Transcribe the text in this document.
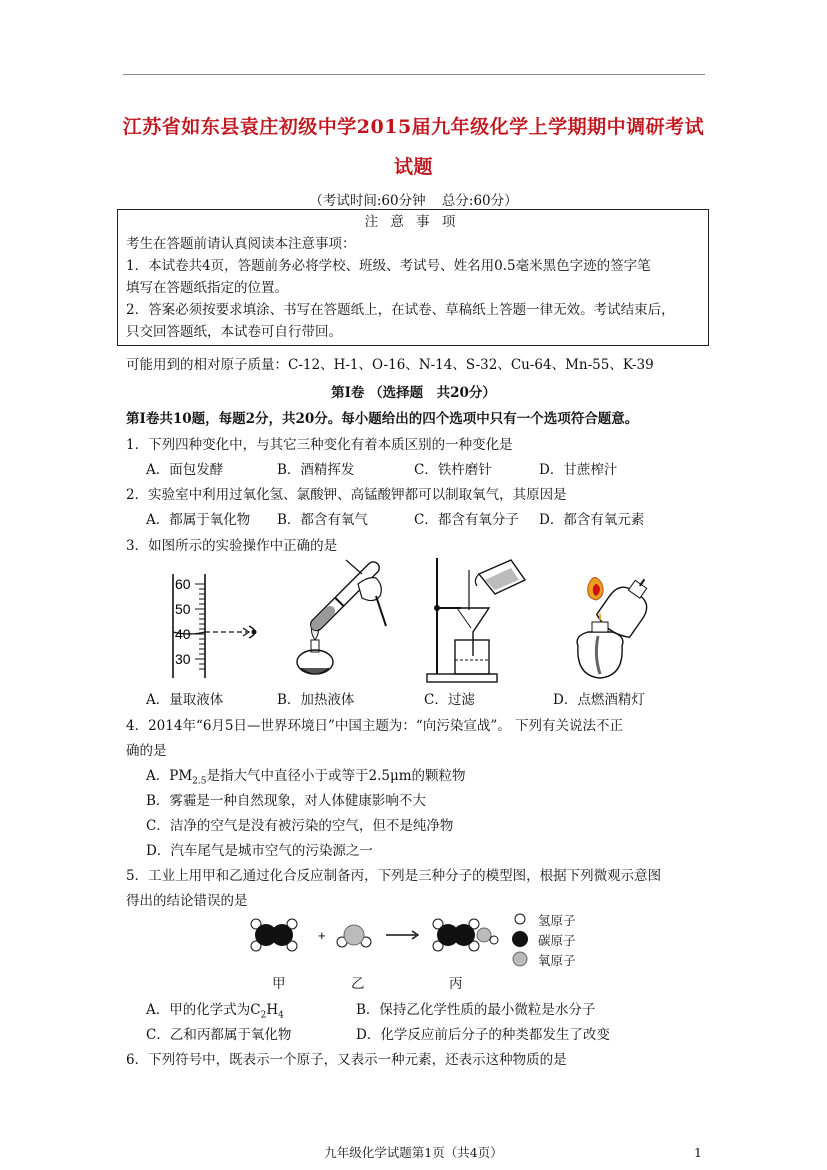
江苏省如东县袁庄初级中学2015届九年级化学上学期期中调研考试
试题
（考试时间:60分钟 总分:60分）
注 意 事 项
考生在答题前请认真阅读本注意事项：
1．本试卷共4页，答题前务必将学校、班级、考试号、姓名用0.5毫米黑色字迹的签字笔
填写在答题纸指定的位置。
2．答案必须按要求填涂、书写在答题纸上，在试卷、草稿纸上答题一律无效。考试结束后，
只交回答题纸，本试卷可自行带回。
可能用到的相对原子质量：C-12、H-1、O-16、N-14、S-32、Cu-64、Mn-55、K-39
第Ⅰ卷 （选择题　共20分）
第Ⅰ卷共10题，每题2分，共20分。每小题给出的四个选项中只有一个选项符合题意。
1．下列四种变化中，与其它三种变化有着本质区别的一种变化是
A．面包发酵	B．酒精挥发	C．铁杵磨针	D．甘蔗榨汁
2．实验室中利用过氧化氢、氯酸钾、高锰酸钾都可以制取氧气，其原因是
A．都属于氧化物 B．都含有氧气	C．都含有氧分子 D．都含有氧元素
3．如图所示的实验操作中正确的是
60
50
40
30
A．量取液体	B．加热液体	C．过滤	D．点燃酒精灯
4．2014年“6月5日—世界环境日”中国主题为：“向污染宣战”。 下列有关说法不正
确的是
A．$PM_{2.5}$是指大气中直径小于或等于2.5μm的颗粒物
B．雾霾是一种自然现象，对人体健康影响不大
C．洁净的空气是没有被污染的空气，但不是纯净物
D．汽车尾气是城市空气的污染源之一
5．工业上用甲和乙通过化合反应制备丙，下列是三种分子的模型图，根据下列微观示意图
得出的结论错误的是
+
氢原子
碳原子
氧原子
甲	乙	丙
A．甲的化学式为$C_2H_4$	B．保持乙化学性质的最小微粒是水分子
C．乙和丙都属于氧化物	D．化学反应前后分子的种类都发生了改变
6．下列符号中，既表示一个原子，又表示一种元素，还表示这种物质的是
九年级化学试题第1页（共4页）	1
